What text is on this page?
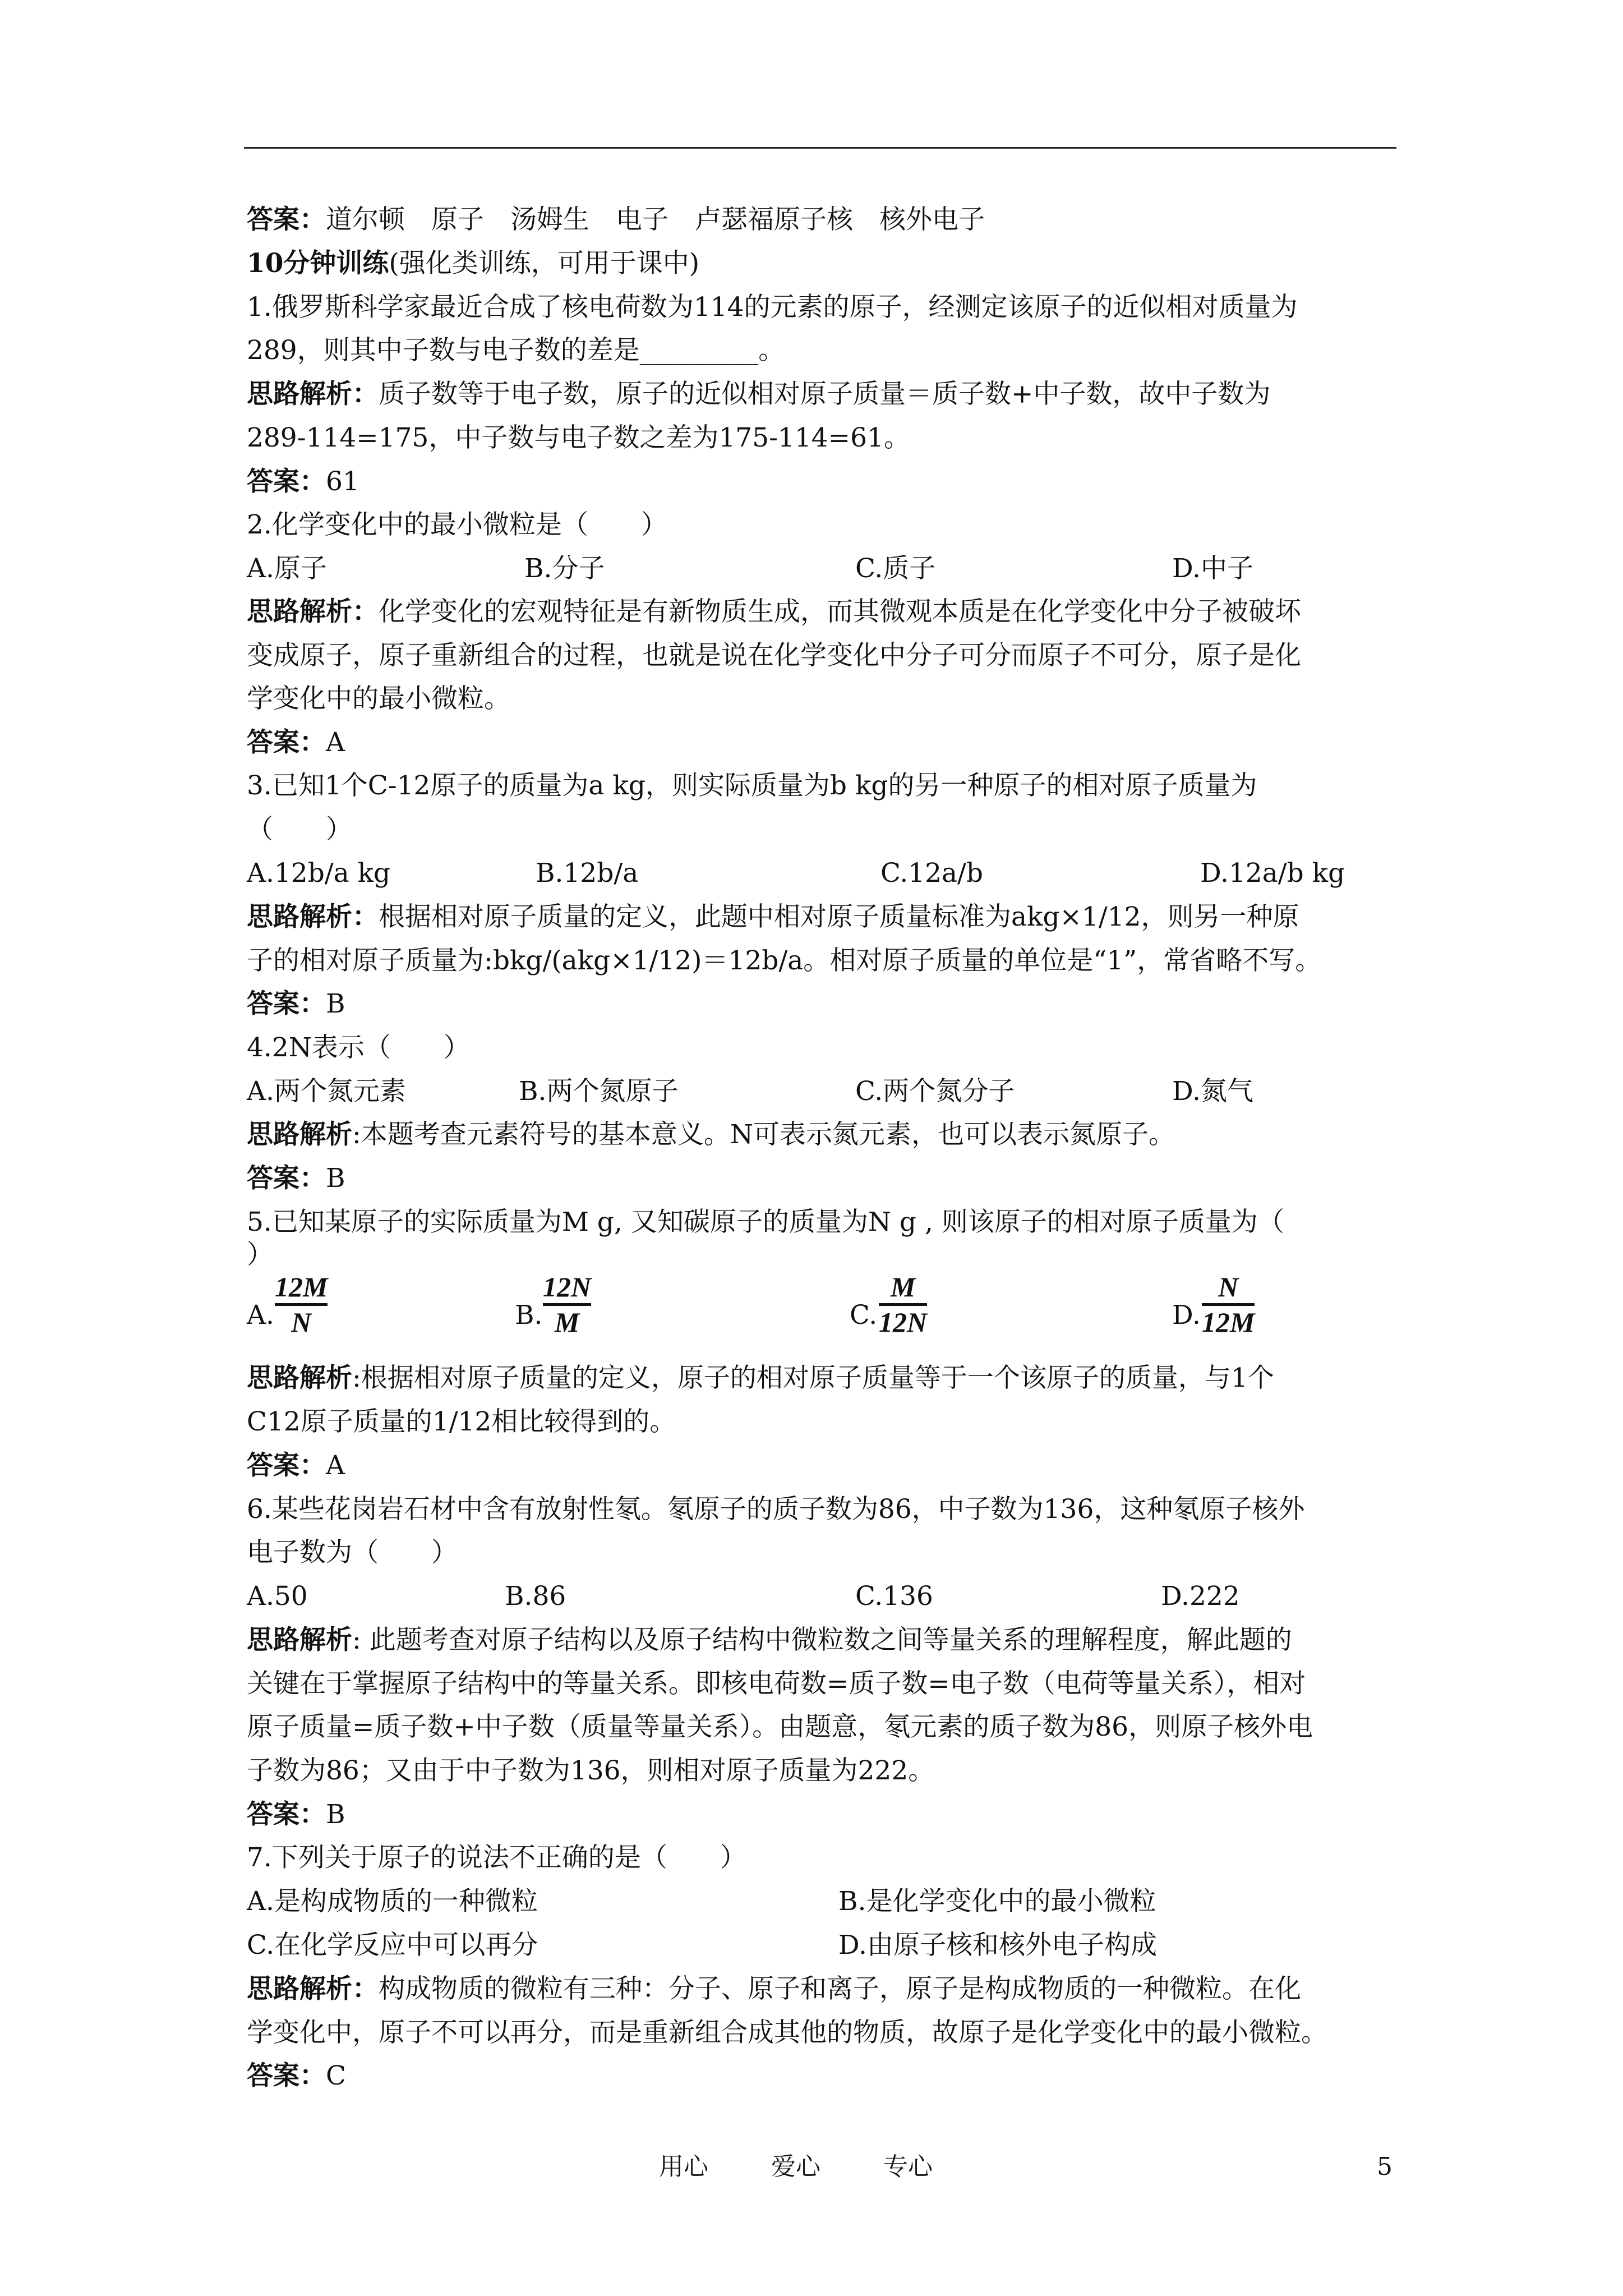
答案：道尔顿　原子　汤姆生　电子　卢瑟福原子核　核外电子
10分钟训练(强化类训练，可用于课中)
1.俄罗斯科学家最近合成了核电荷数为114的元素的原子，经测定该原子的近似相对质量为
289，则其中子数与电子数的差是_________。
思路解析：质子数等于电子数，原子的近似相对原子质量＝质子数+中子数，故中子数为
289-114=175，中子数与电子数之差为175-114=61。
答案：61
2.化学变化中的最小微粒是（　　）
A.原子	B.分子	C.质子	D.中子
思路解析：化学变化的宏观特征是有新物质生成，而其微观本质是在化学变化中分子被破坏
变成原子，原子重新组合的过程，也就是说在化学变化中分子可分而原子不可分，原子是化
学变化中的最小微粒。
答案：A
3.已知1个C-12原子的质量为a kg，则实际质量为b kg的另一种原子的相对原子质量为
（　　）
A.12b/a kg	B.12b/a	C.12a/b	D.12a/b kg
思路解析：根据相对原子质量的定义，此题中相对原子质量标准为akg×1/12，则另一种原
子的相对原子质量为:bkg/(akg×1/12)＝12b/a。相对原子质量的单位是“1”，常省略不写。
答案：B
4.2N表示（　　）
A.两个氮元素	B.两个氮原子	C.两个氮分子	D.氮气
思路解析:本题考查元素符号的基本意义。N可表示氮元素，也可以表示氮原子。
答案：B
5.已知某原子的实际质量为M g, 又知碳原子的质量为N g , 则该原子的相对原子质量为（
）
A.
12M
N	B.
12N
M	C.
M
12N	D.
N
12M
思路解析:根据相对原子质量的定义，原子的相对原子质量等于一个该原子的质量，与1个
C12原子质量的1/12相比较得到的。
答案：A
6.某些花岗岩石材中含有放射性氡。氡原子的质子数为86，中子数为136，这种氡原子核外
电子数为（　　）
A.50	B.86	C.136	D.222
思路解析: 此题考查对原子结构以及原子结构中微粒数之间等量关系的理解程度，解此题的
关键在于掌握原子结构中的等量关系。即核电荷数=质子数=电子数（电荷等量关系），相对
原子质量=质子数+中子数（质量等量关系）。由题意，氡元素的质子数为86，则原子核外电
子数为86；又由于中子数为136，则相对原子质量为222。
答案：B
7.下列关于原子的说法不正确的是（　　）
A.是构成物质的一种微粒	B.是化学变化中的最小微粒
C.在化学反应中可以再分	D.由原子核和核外电子构成
思路解析：构成物质的微粒有三种：分子、原子和离子，原子是构成物质的一种微粒。在化
学变化中，原子不可以再分，而是重新组合成其他的物质，故原子是化学变化中的最小微粒。
答案：C
用心	爱心	专心	5
